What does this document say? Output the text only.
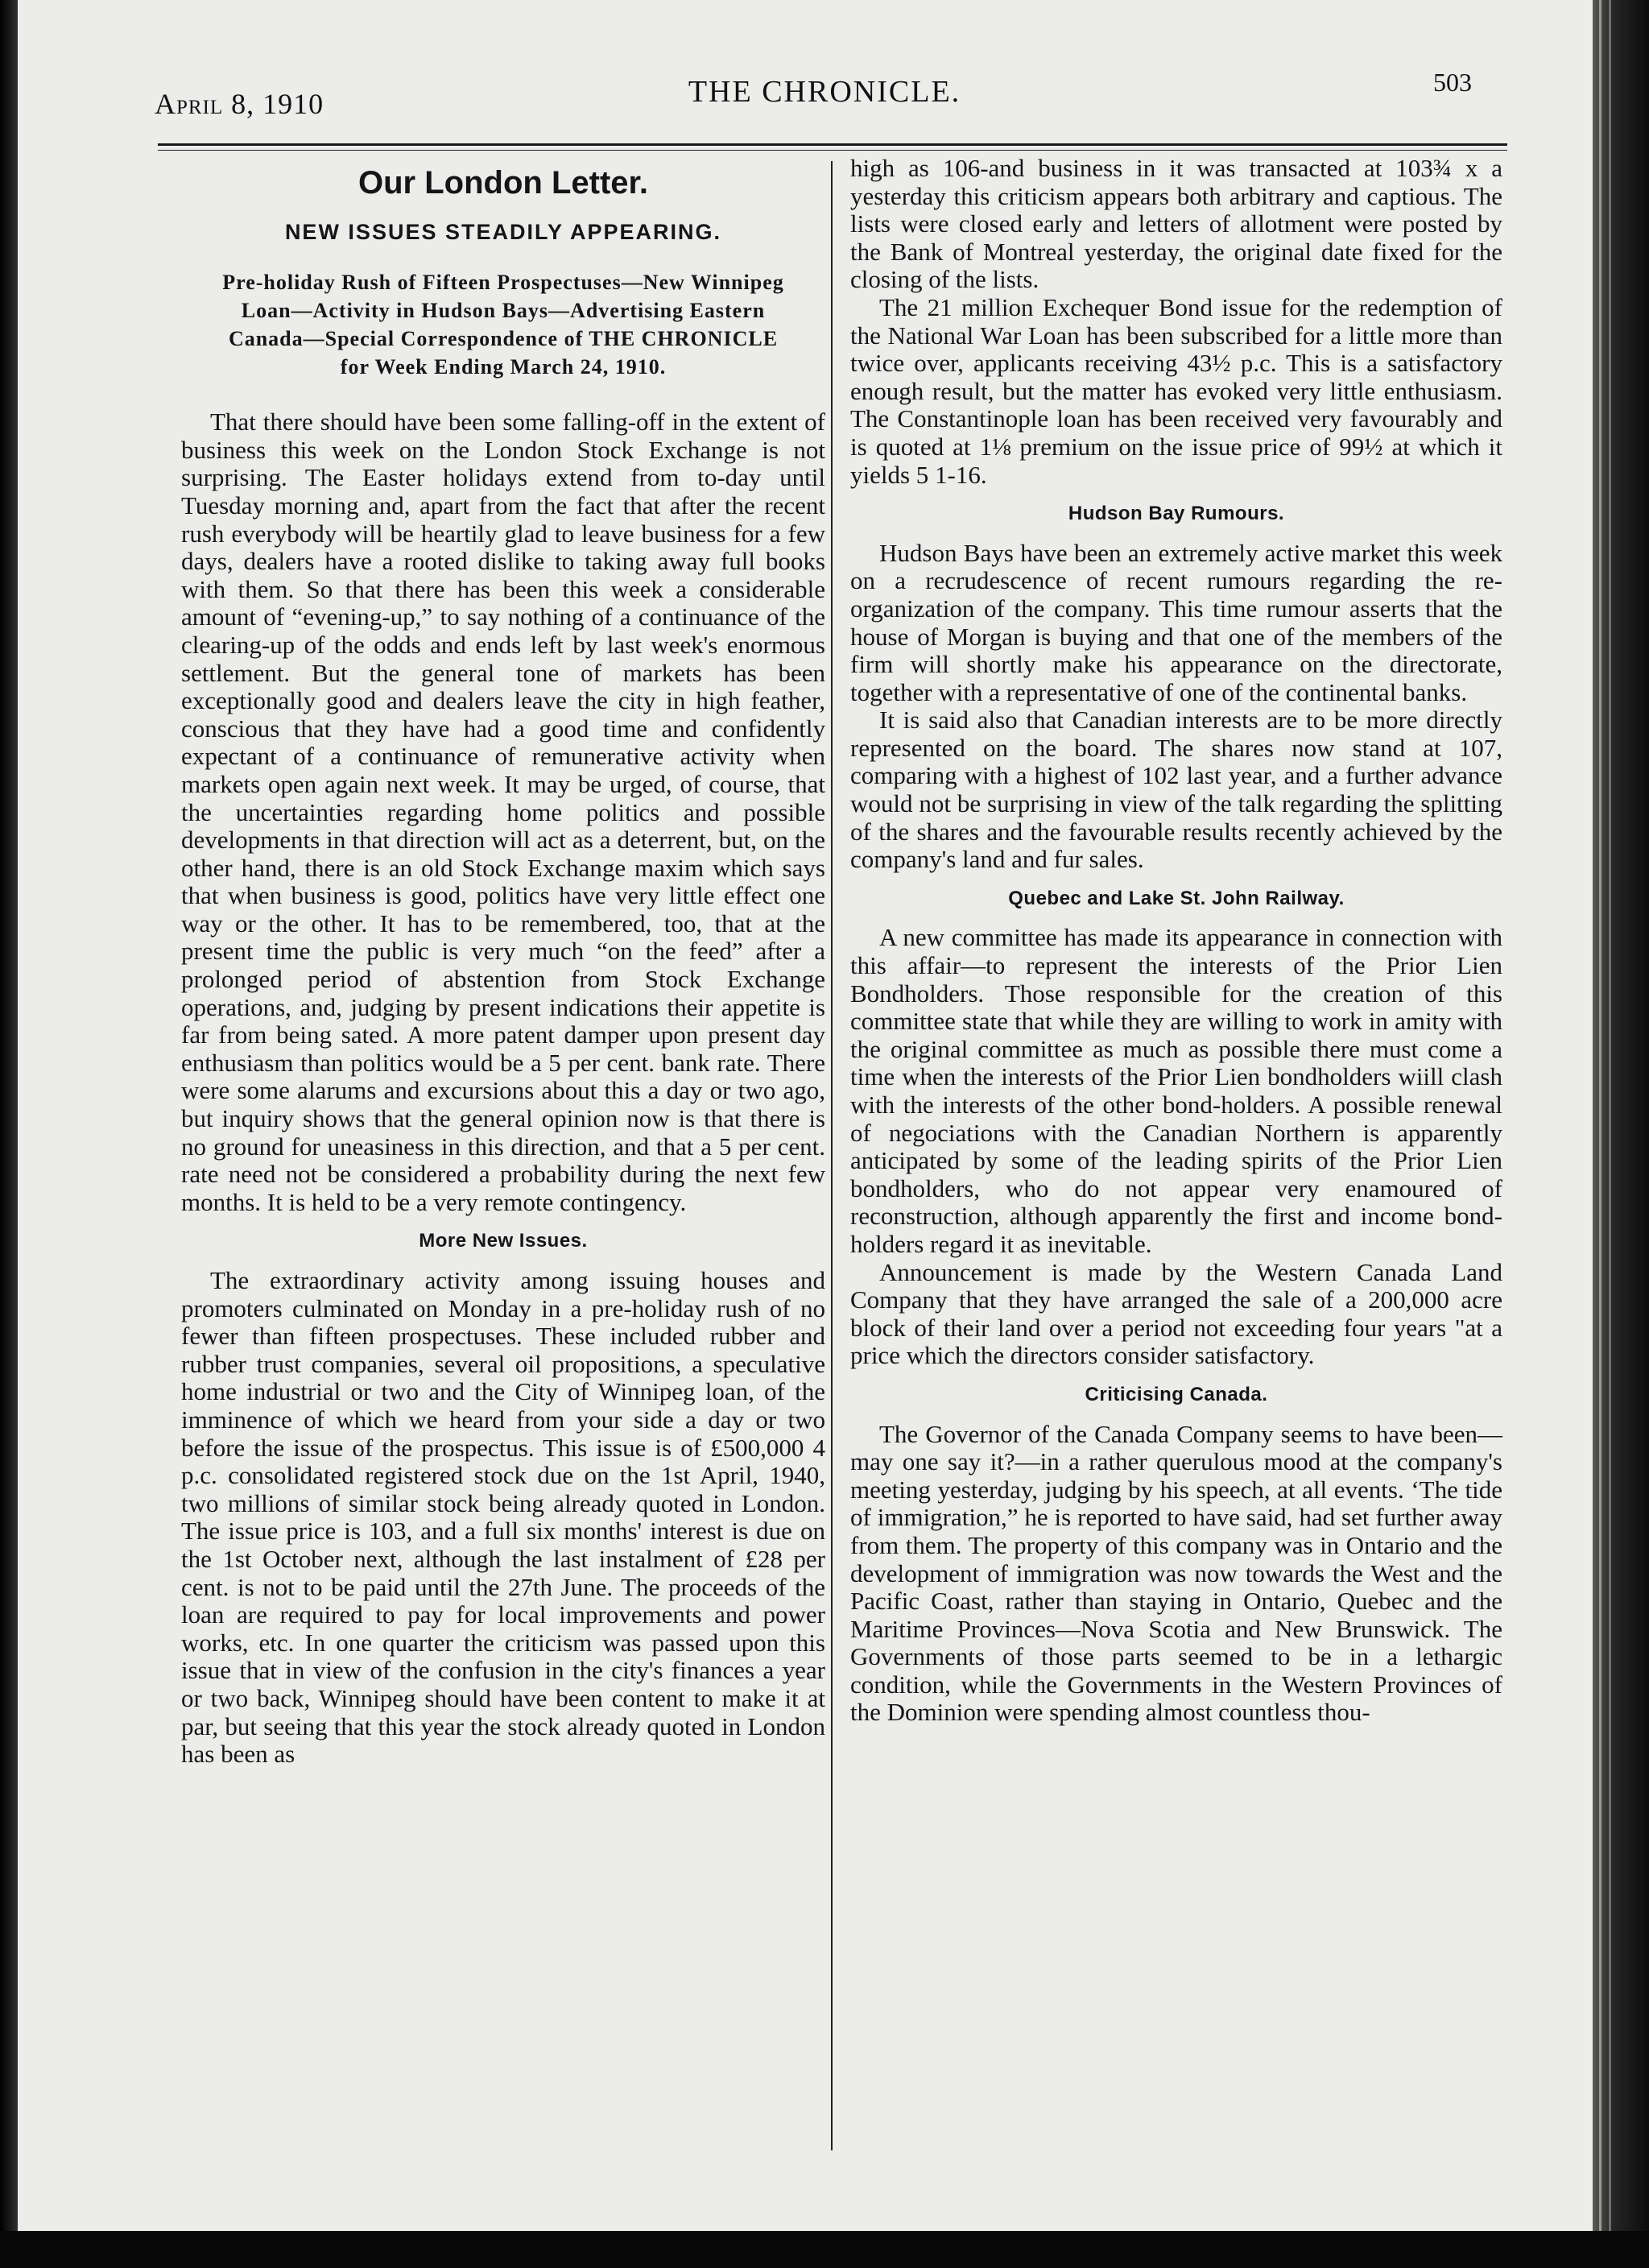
April 8, 1910	THE CHRONICLE.	503
Our London Letter.
NEW ISSUES STEADILY APPEARING.
Pre-holiday Rush of Fifteen Prospectuses—New Winnipeg Loan—Activity in Hudson Bays—Advertising Eastern Canada—Special Correspondence of THE CHRONICLE for Week Ending March 24, 1910.

That there should have been some falling-off in the extent of business this week on the London Stock Exchange is not surprising. The Easter holidays extend from to-day until Tuesday morning and, apart from the fact that after the recent rush everybody will be heartily glad to leave business for a few days, dealers have a rooted dislike to taking away full books with them. So that there has been this week a considerable amount of “evening-up,” to say nothing of a continuance of the clearing-up of the odds and ends left by last week's enormous settlement. But the general tone of markets has been exceptionally good and dealers leave the city in high feather, conscious that they have had a good time and confidently expectant of a continuance of remunerative activity when markets open again next week. It may be urged, of course, that the uncertainties regarding home politics and possible developments in that direction will act as a deterrent, but, on the other hand, there is an old Stock Exchange maxim which says that when business is good, politics have very little effect one way or the other. It has to be remembered, too, that at the present time the public is very much “on the feed” after a prolonged period of abstention from Stock Exchange operations, and, judging by present indications their appetite is far from being sated. A more patent damper upon present day enthusiasm than politics would be a 5 per cent. bank rate. There were some alarums and excursions about this a day or two ago, but inquiry shows that the general opinion now is that there is no ground for uneasiness in this direction, and that a 5 per cent. rate need not be considered a probability during the next few months. It is held to be a very remote contingency.

More New Issues.

The extraordinary activity among issuing houses and promoters culminated on Monday in a pre-holiday rush of no fewer than fifteen prospectuses. These included rubber and rubber trust companies, several oil propositions, a speculative home industrial or two and the City of Winnipeg loan, of the imminence of which we heard from your side a day or two before the issue of the prospectus. This issue is of £500,000 4 p.c. consolidated registered stock due on the 1st April, 1940, two millions of similar stock being already quoted in London. The issue price is 103, and a full six months' interest is due on the 1st October next, although the last instalment of £28 per cent. is not to be paid until the 27th June. The proceeds of the loan are required to pay for local improvements and power works, etc. In one quarter the criticism was passed upon this issue that in view of the confusion in the city's finances a year or two back, Winnipeg should have been content to make it at par, but seeing that this year the stock already quoted in London has been as

high as 106-and business in it was transacted at 103¾ x a yesterday this criticism appears both arbitrary and captious. The lists were closed early and letters of allotment were posted by the Bank of Montreal yesterday, the original date fixed for the closing of the lists.

The 21 million Exchequer Bond issue for the redemption of the National War Loan has been subscribed for a little more than twice over, applicants receiving 43½ p.c. This is a satisfactory enough result, but the matter has evoked very little enthusiasm. The Constantinople loan has been received very favourably and is quoted at 1⅛ premium on the issue price of 99½ at which it yields 5 1-16.

Hudson Bay Rumours.

Hudson Bays have been an extremely active market this week on a recrudescence of recent rumours regarding the re-organization of the company. This time rumour asserts that the house of Morgan is buying and that one of the members of the firm will shortly make his appearance on the directorate, together with a representative of one of the continental banks.

It is said also that Canadian interests are to be more directly represented on the board. The shares now stand at 107, comparing with a highest of 102 last year, and a further advance would not be surprising in view of the talk regarding the splitting of the shares and the favourable results recently achieved by the company's land and fur sales.

Quebec and Lake St. John Railway.

A new committee has made its appearance in connection with this affair—to represent the interests of the Prior Lien Bondholders. Those responsible for the creation of this committee state that while they are willing to work in amity with the original committee as much as possible there must come a time when the interests of the Prior Lien bondholders wiill clash with the interests of the other bond-holders. A possible renewal of negociations with the Canadian Northern is apparently anticipated by some of the leading spirits of the Prior Lien bondholders, who do not appear very enamoured of reconstruction, although apparently the first and income bond-holders regard it as inevitable.

Announcement is made by the Western Canada Land Company that they have arranged the sale of a 200,000 acre block of their land over a period not exceeding four years "at a price which the directors consider satisfactory.

Criticising Canada.

The Governor of the Canada Company seems to have been—may one say it?—in a rather querulous mood at the company's meeting yesterday, judging by his speech, at all events. ‘The tide of immigration,” he is reported to have said, had set further away from them. The property of this company was in Ontario and the development of immigration was now towards the West and the Pacific Coast, rather than staying in Ontario, Quebec and the Maritime Provinces—Nova Scotia and New Brunswick. The Governments of those parts seemed to be in a lethargic condition, while the Governments in the Western Provinces of the Dominion were spending almost countless thou-
